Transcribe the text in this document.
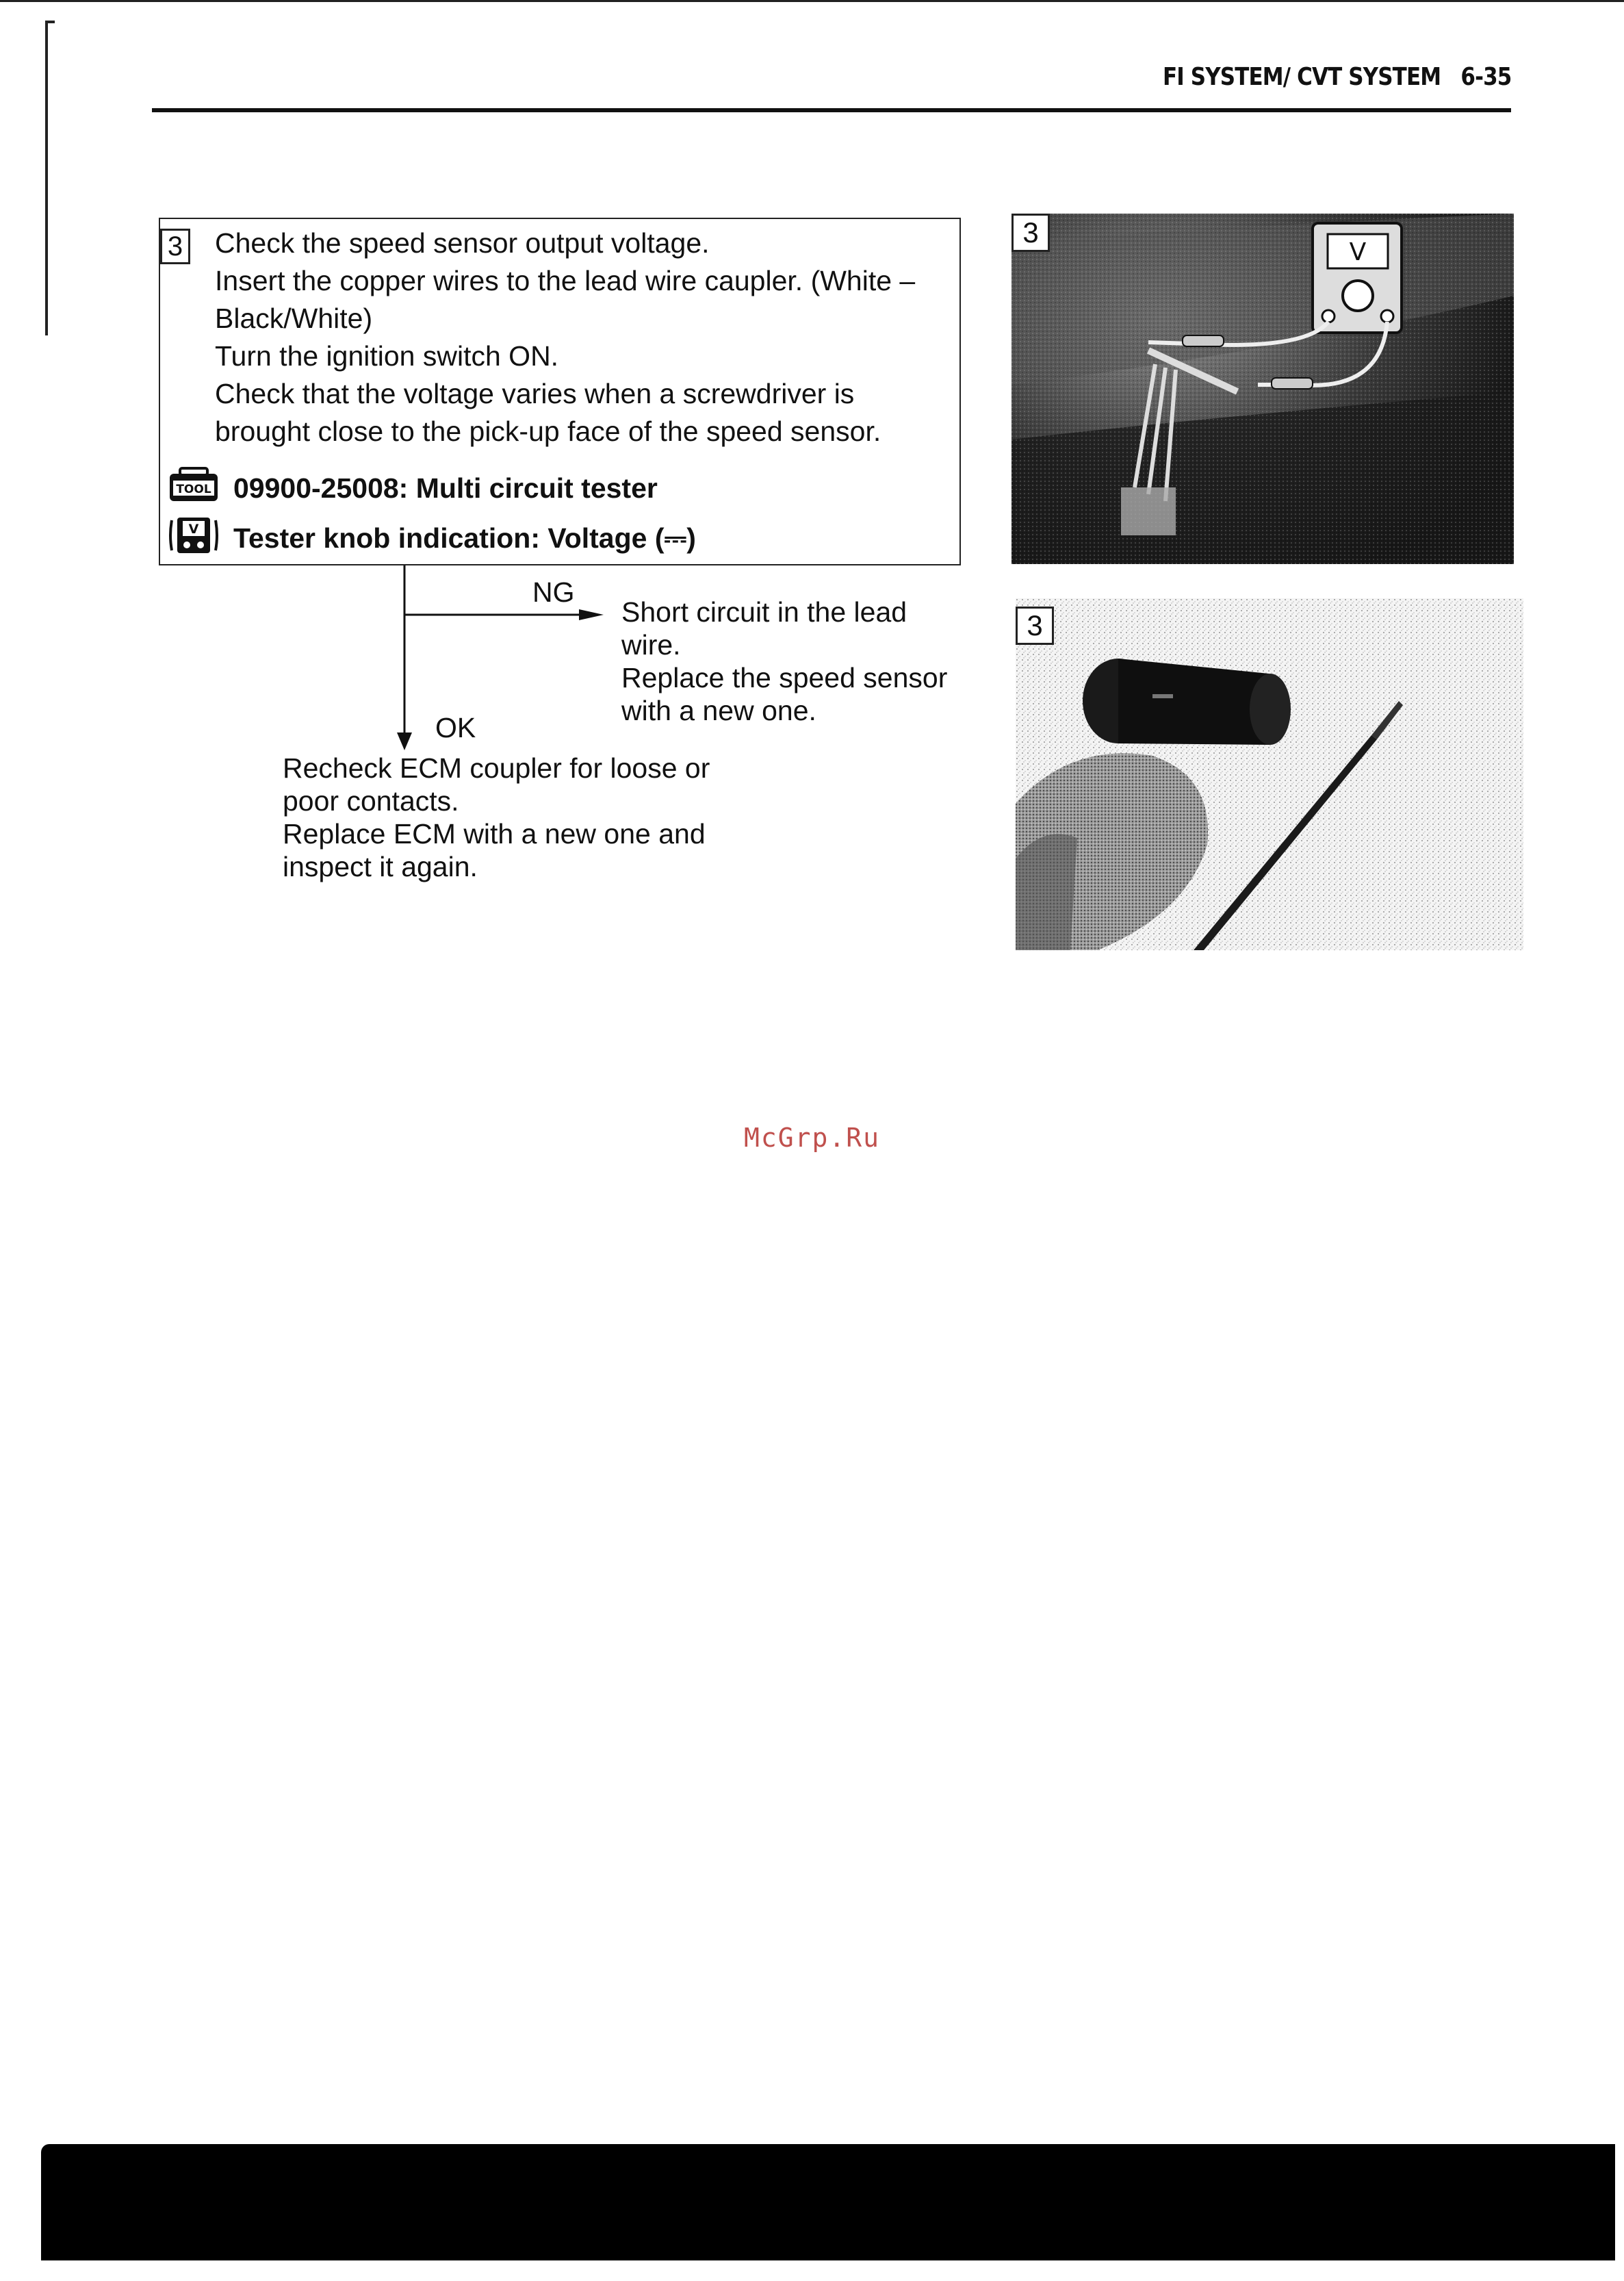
FI SYSTEM/ CVT SYSTEM 6-35
3 Check the speed sensor output voltage.
Insert the copper wires to the lead wire caupler. (White –
Black/White)
Turn the ignition switch ON.
Check that the voltage varies when a screwdriver is
brought close to the pick-up face of the speed sensor.
TOOL 09900-25008: Multi circuit tester
V Tester knob indication: Voltage (⎓)
NG
OK
Short circuit in the lead
wire.
Replace the speed sensor
with a new one.
Recheck ECM coupler for loose or
poor contacts.
Replace ECM with a new one and
inspect it again.
V
3
3
McGrp.Ru
